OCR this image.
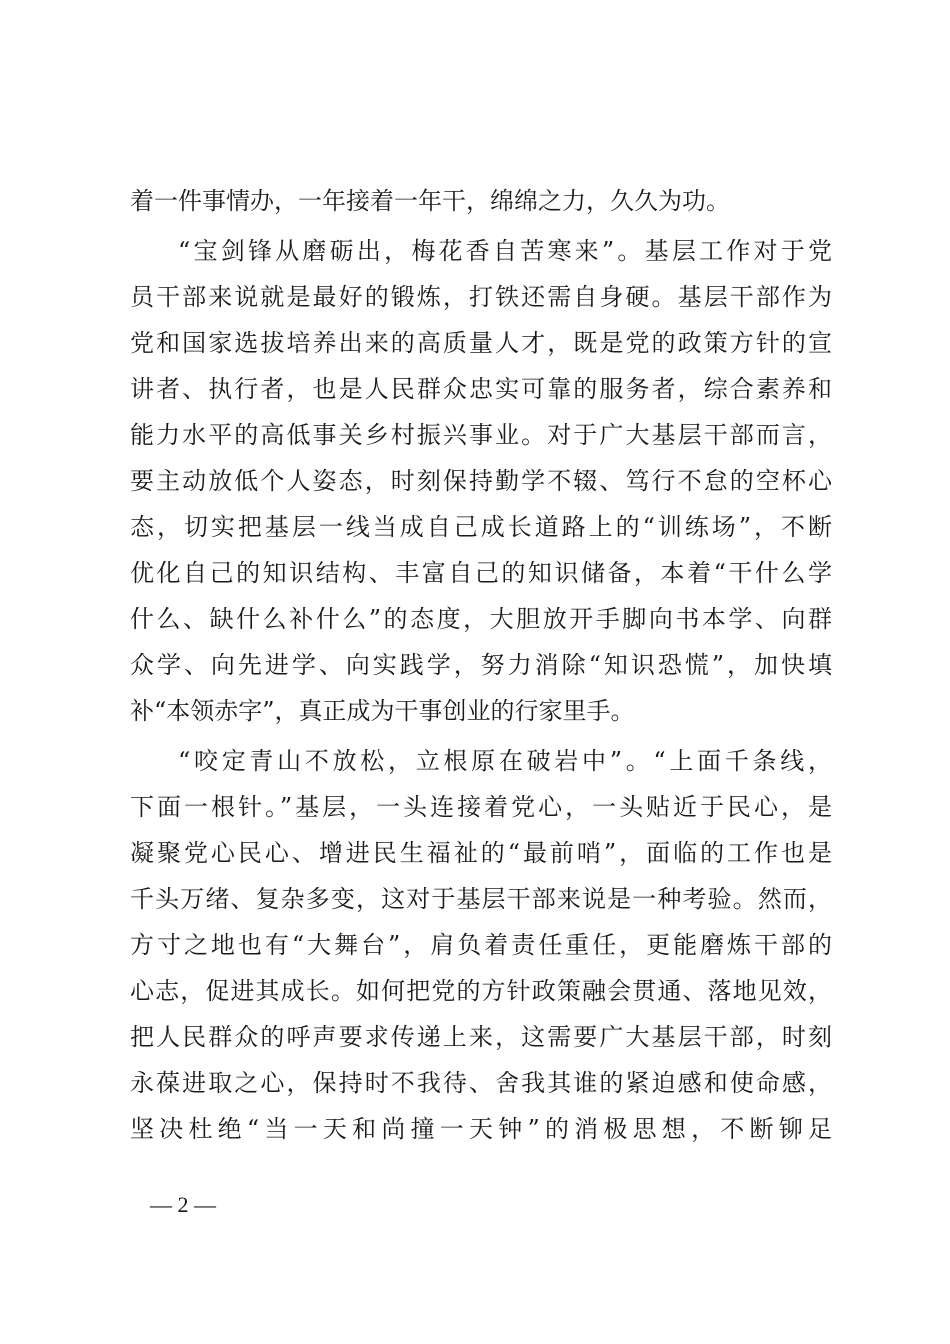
着一件事情办，一年接着一年干，绵绵之力，久久为功。
“宝剑锋从磨砺出，梅花香自苦寒来”。基层工作对于党
员干部来说就是最好的锻炼，打铁还需自身硬。基层干部作为
党和国家选拔培养出来的高质量人才，既是党的政策方针的宣
讲者、执行者，也是人民群众忠实可靠的服务者，综合素养和
能力水平的高低事关乡村振兴事业。对于广大基层干部而言，
要主动放低个人姿态，时刻保持勤学不辍、笃行不怠的空杯心
态，切实把基层一线当成自己成长道路上的“训练场”，不断
优化自己的知识结构、丰富自己的知识储备，本着“干什么学
什么、缺什么补什么”的态度，大胆放开手脚向书本学、向群
众学、向先进学、向实践学，努力消除“知识恐慌”，加快填
补“本领赤字”，真正成为干事创业的行家里手。
“咬定青山不放松，立根原在破岩中”。“上面千条线，
下面一根针。”基层，一头连接着党心，一头贴近于民心，是
凝聚党心民心、增进民生福祉的“最前哨”，面临的工作也是
千头万绪、复杂多变，这对于基层干部来说是一种考验。然而，
方寸之地也有“大舞台”，肩负着责任重任，更能磨炼干部的
心志，促进其成长。如何把党的方针政策融会贯通、落地见效，
把人民群众的呼声要求传递上来，这需要广大基层干部，时刻
永葆进取之心，保持时不我待、舍我其谁的紧迫感和使命感，
坚决杜绝“当一天和尚撞一天钟”的消极思想，不断铆足
— 2 —
